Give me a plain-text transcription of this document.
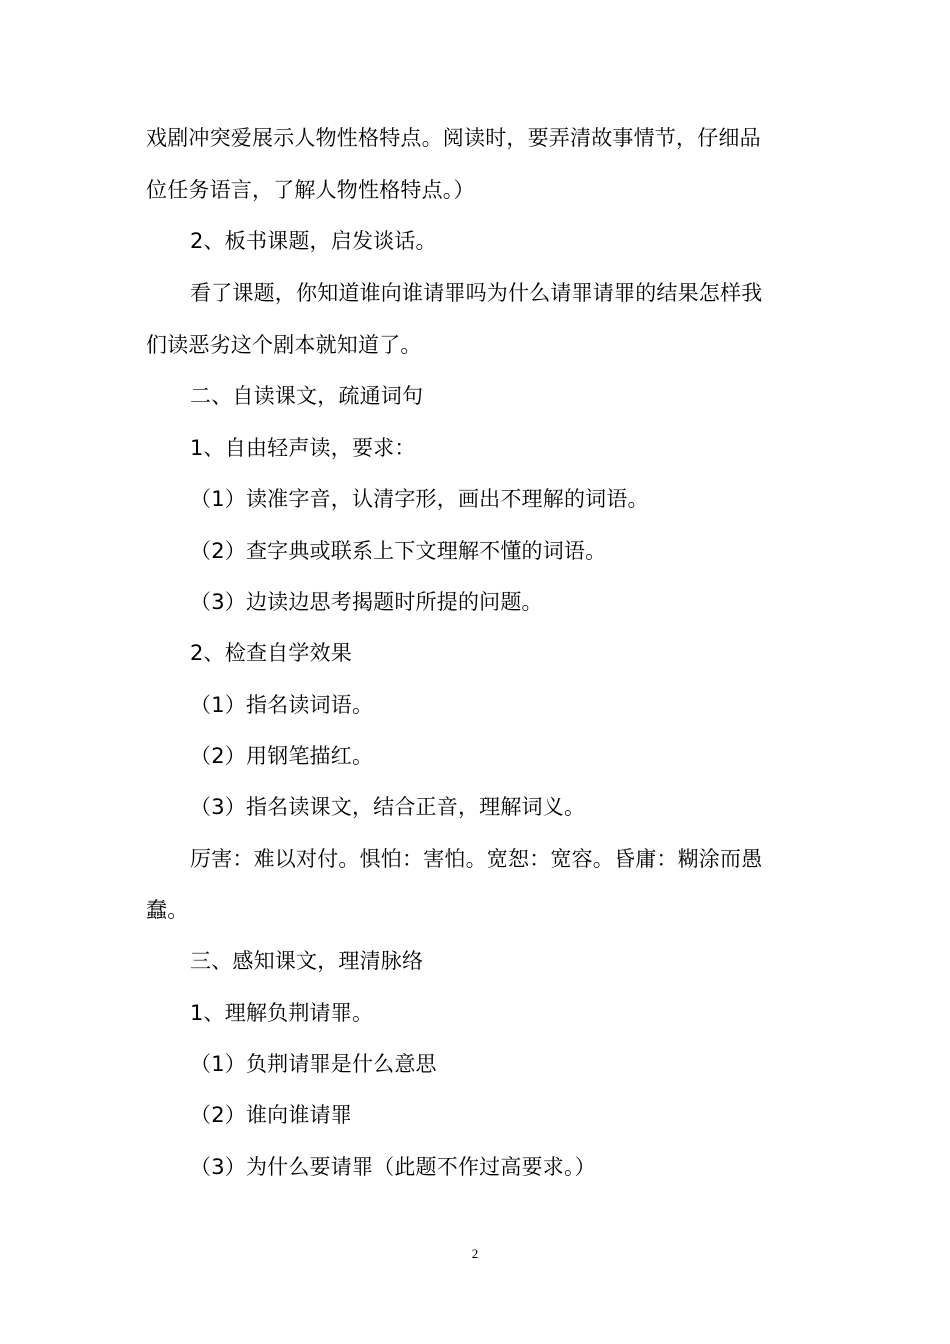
戏剧冲突爱展示人物性格特点。阅读时，要弄清故事情节，仔细品
位任务语言，了解人物性格特点。）
2、板书课题，启发谈话。
看了课题，你知道谁向谁请罪吗为什么请罪请罪的结果怎样我
们读恶劣这个剧本就知道了。
二、自读课文，疏通词句
1、自由轻声读，要求：
（1）读准字音，认清字形，画出不理解的词语。
（2）查字典或联系上下文理解不懂的词语。
（3）边读边思考揭题时所提的问题。
2、检查自学效果
（1）指名读词语。
（2）用钢笔描红。
（3）指名读课文，结合正音，理解词义。
厉害：难以对付。惧怕：害怕。宽恕：宽容。昏庸：糊涂而愚
蠢。
三、感知课文，理清脉络
1、理解负荆请罪。
（1）负荆请罪是什么意思
（2）谁向谁请罪
（3）为什么要请罪（此题不作过高要求。）
2
